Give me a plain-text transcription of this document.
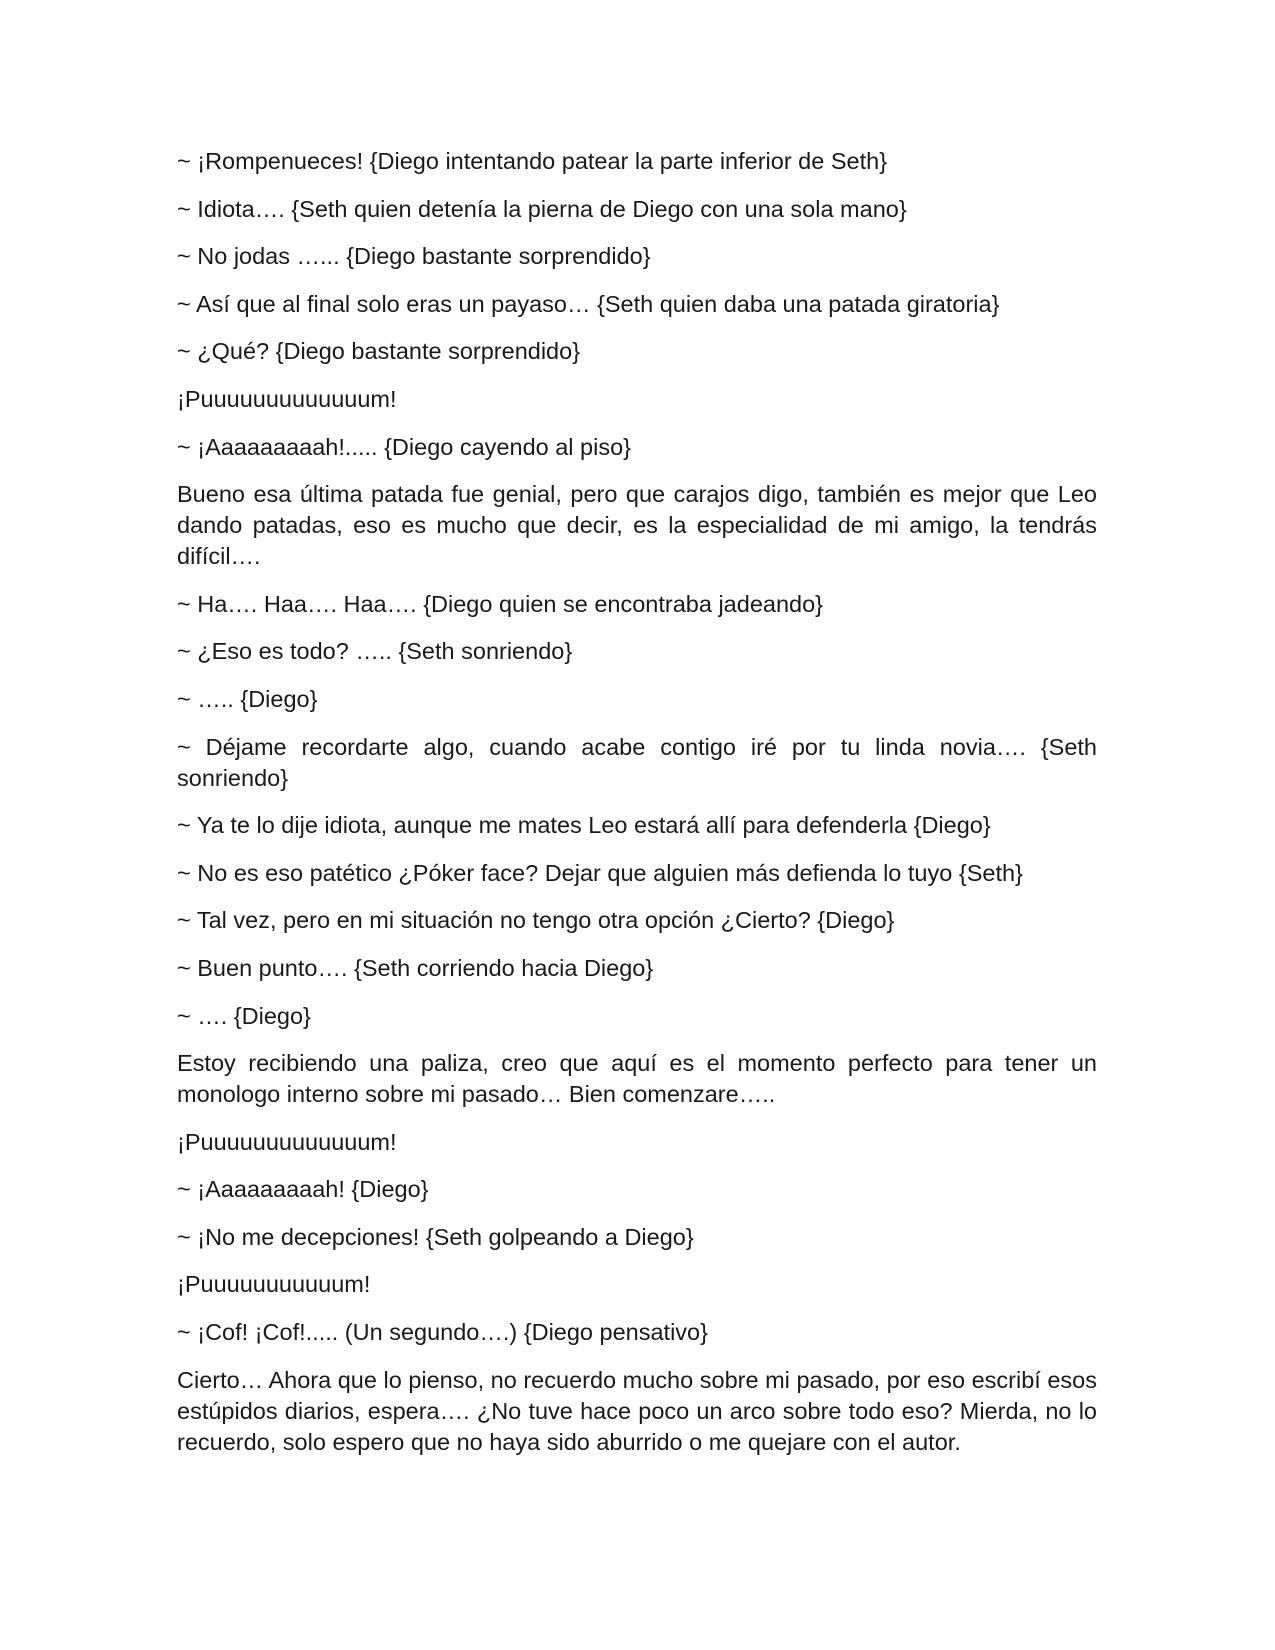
~ ¡Rompenueces! {Diego intentando patear la parte inferior de Seth}

~ Idiota…. {Seth quien detenía la pierna de Diego con una sola mano}

~ No jodas …... {Diego bastante sorprendido}

~ Así que al final solo eras un payaso… {Seth quien daba una patada giratoria}

~ ¿Qué? {Diego bastante sorprendido}

¡Puuuuuuuuuuuuum!

~ ¡Aaaaaaaaah!..... {Diego cayendo al piso}

Bueno esa última patada fue genial, pero que carajos digo, también es mejor que Leo dando patadas, eso es mucho que decir, es la especialidad de mi amigo, la tendrás difícil….

~ Ha…. Haa…. Haa…. {Diego quien se encontraba jadeando}

~ ¿Eso es todo? ….. {Seth sonriendo}

~ ….. {Diego}

~ Déjame recordarte algo, cuando acabe contigo iré por tu linda novia…. {Seth sonriendo}

~ Ya te lo dije idiota, aunque me mates Leo estará allí para defenderla {Diego}

~ No es eso patético ¿Póker face? Dejar que alguien más defienda lo tuyo {Seth}

~ Tal vez, pero en mi situación no tengo otra opción ¿Cierto? {Diego}

~ Buen punto…. {Seth corriendo hacia Diego}

~ …. {Diego}

Estoy recibiendo una paliza, creo que aquí es el momento perfecto para tener un monologo interno sobre mi pasado… Bien comenzare…..

¡Puuuuuuuuuuuuum!

~ ¡Aaaaaaaaah! {Diego}

~ ¡No me decepciones! {Seth golpeando a Diego}

¡Puuuuuuuuuuum!

~ ¡Cof! ¡Cof!..... (Un segundo….) {Diego pensativo}

Cierto… Ahora que lo pienso, no recuerdo mucho sobre mi pasado, por eso escribí esos estúpidos diarios, espera…. ¿No tuve hace poco un arco sobre todo eso? Mierda, no lo recuerdo, solo espero que no haya sido aburrido o me quejare con el autor.
